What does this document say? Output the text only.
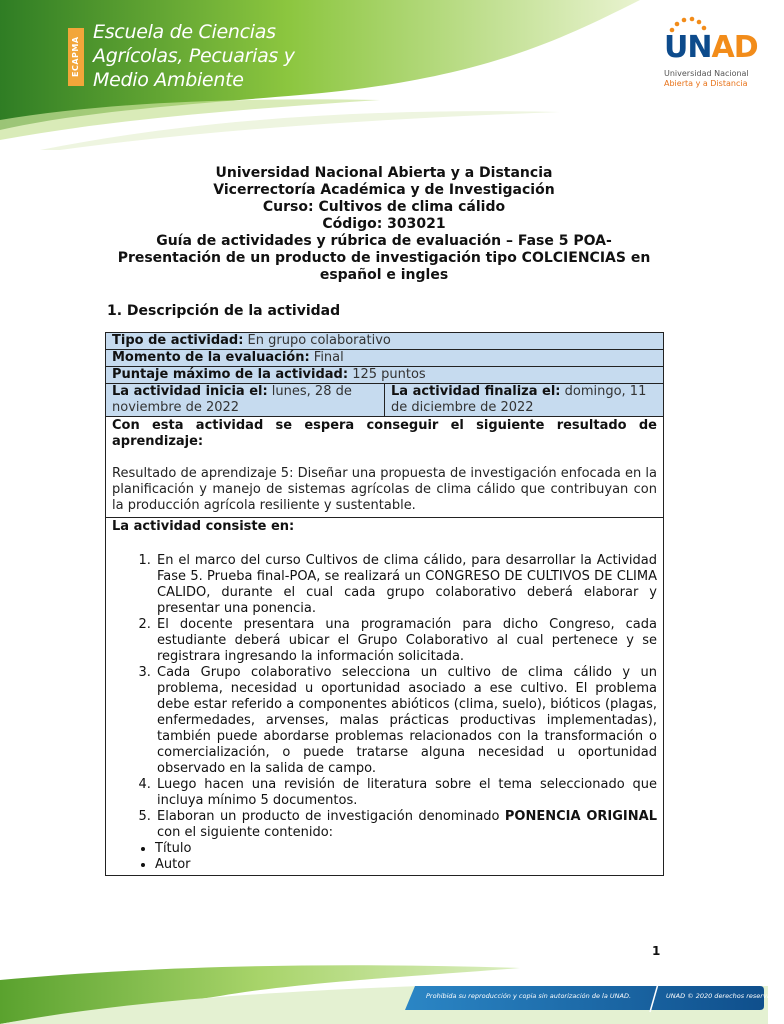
ECAPMA
Escuela de Ciencias
Agrícolas, Pecuarias y
Medio Ambiente
UNAD
Universidad Nacional
Abierta y a Distancia
Universidad Nacional Abierta y a Distancia
Vicerrectoría Académica y de Investigación
Curso: Cultivos de clima cálido
Código: 303021
Guía de actividades y rúbrica de evaluación – Fase 5 POA-
Presentación de un producto de investigación tipo COLCIENCIAS en
español e ingles
1. Descripción de la actividad
Tipo de actividad: En grupo colaborativo
Momento de la evaluación: Final
Puntaje máximo de la actividad: 125 puntos
La actividad inicia el: lunes, 28 de noviembre de 2022	La actividad finaliza el: domingo, 11 de diciembre de 2022

Con esta actividad se espera conseguir el siguiente resultado de aprendizaje:
Resultado de aprendizaje 5: Diseñar una propuesta de investigación enfocada en la planificación y manejo de sistemas agrícolas de clima cálido que contribuyan con la producción agrícola resiliente y sustentable.

La actividad consiste en:
1. En el marco del curso Cultivos de clima cálido, para desarrollar la Actividad Fase 5. Prueba final-POA, se realizará un CONGRESO DE CULTIVOS DE CLIMA CALIDO, durante el cual cada grupo colaborativo deberá elaborar y presentar una ponencia.
2. El docente presentara una programación para dicho Congreso, cada estudiante deberá ubicar el Grupo Colaborativo al cual pertenece y se registrara ingresando la información solicitada.
3. Cada Grupo colaborativo selecciona un cultivo de clima cálido y un problema, necesidad u oportunidad asociado a ese cultivo. El problema debe estar referido a componentes abióticos (clima, suelo), bióticos (plagas, enfermedades, arvenses, malas prácticas productivas implementadas), también puede abordarse problemas relacionados con la transformación o comercialización, o puede tratarse alguna necesidad u oportunidad observado en la salida de campo.
4. Luego hacen una revisión de literatura sobre el tema seleccionado que incluya mínimo 5 documentos.
5. Elaboran un producto de investigación denominado PONENCIA ORIGINAL con el siguiente contenido:
• Título
• Autor
1
Prohibida su reproducción y copia sin autorización de la UNAD.	UNAD © 2020 derechos reservados.
